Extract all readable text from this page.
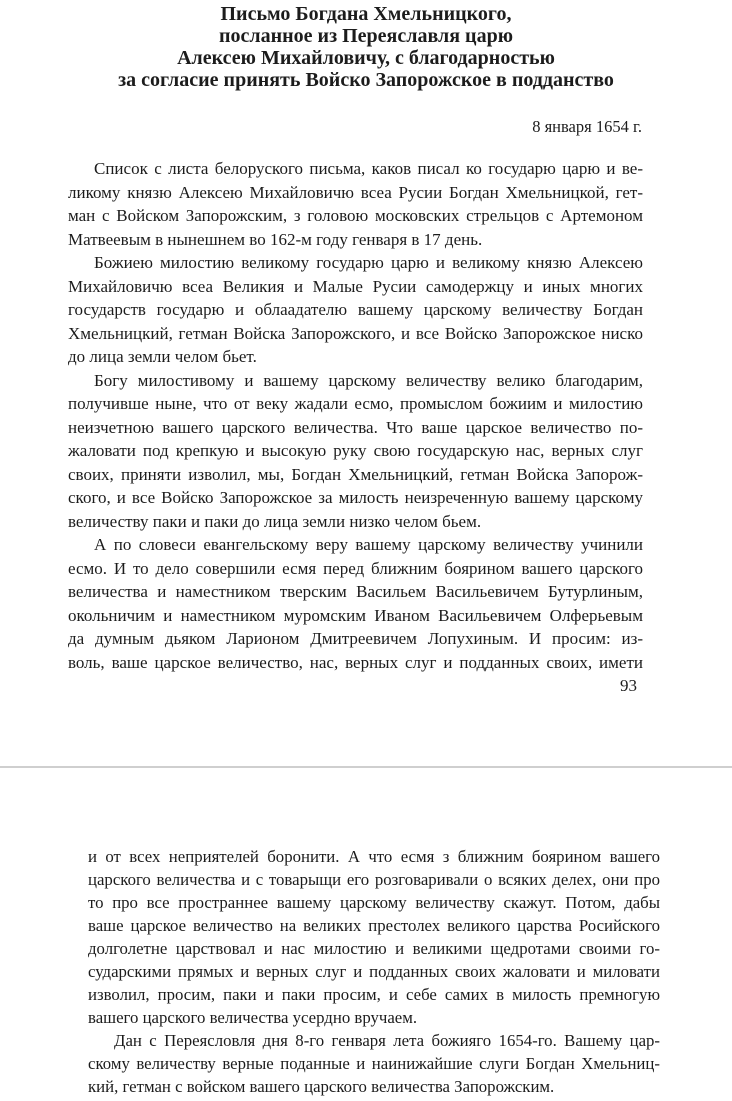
Письмо Богдана Хмельницкого,
посланное из Переяславля царю
Алексею Михайловичу, с благодарностью
за согласие принять Войско Запорожское в подданство
8 января 1654 г.
Список с листа белоруского письма, каков писал ко государю царю и ве-
ликому князю Алексею Михайловичю всеа Русии Богдан Хмельницкой, гет-
ман с Войском Запорожским, з головою московских стрельцов с Артемоном
Матвеевым в нынешнем во 162-м году генваря в 17 день.
Божиею милостию великому государю царю и великому князю Алексею
Михайловичю всеа Великия и Малые Русии самодержцу и иных многих
государств государю и облаадателю вашему царскому величеству Богдан
Хмельницкий, гетман Войска Запорожского, и все Войско Запорожское ниско
до лица земли челом бьет.
Богу милостивому и вашему царскому величеству велико благодарим,
получивше ныне, что от веку жадали есмо, промыслом божиим и милостию
неизчетною вашего царского величества. Что ваше царское величество по-
жаловати под крепкую и высокую руку свою государскую нас, верных слуг
своих, приняти изволил, мы, Богдан Хмельницкий, гетман Войска Запорож-
ского, и все Войско Запорожское за милость неизреченную вашему царскому
величеству паки и паки до лица земли низко челом бьем.
А по словеси евангельскому веру вашему царскому величеству учинили
есмо. И то дело совершили есмя перед ближним боярином вашего царского
величества и наместником тверским Васильем Васильевичем Бутурлиным,
окольничим и наместником муромским Иваном Васильевичем Олферьевым
да думным дьяком Ларионом Дмитреевичем Лопухиным. И просим: из-
воль, ваше царское величество, нас, верных слуг и подданных своих, имети
93
и от всех неприятелей боронити. А что есмя з ближним боярином вашего
царского величества и с товарыщи его розговаривали о всяких делех, они про
то про все пространнее вашему царскому величеству скажут. Потом, дабы
ваше царское величество на великих престолех великого царства Росийского
долголетне царствовал и нас милостию и великими щедротами своими го-
сударскими прямых и верных слуг и подданных своих жаловати и миловати
изволил, просим, паки и паки просим, и себе самих в милость премногую
вашего царского величества усердно вручаем.
Дан с Переясловля дня 8-го генваря лета божияго 1654-го. Вашему цар-
скому величеству верные поданные и наинижайшие слуги Богдан Хмельниц-
кий, гетман с войском вашего царского величества Запорожским.
